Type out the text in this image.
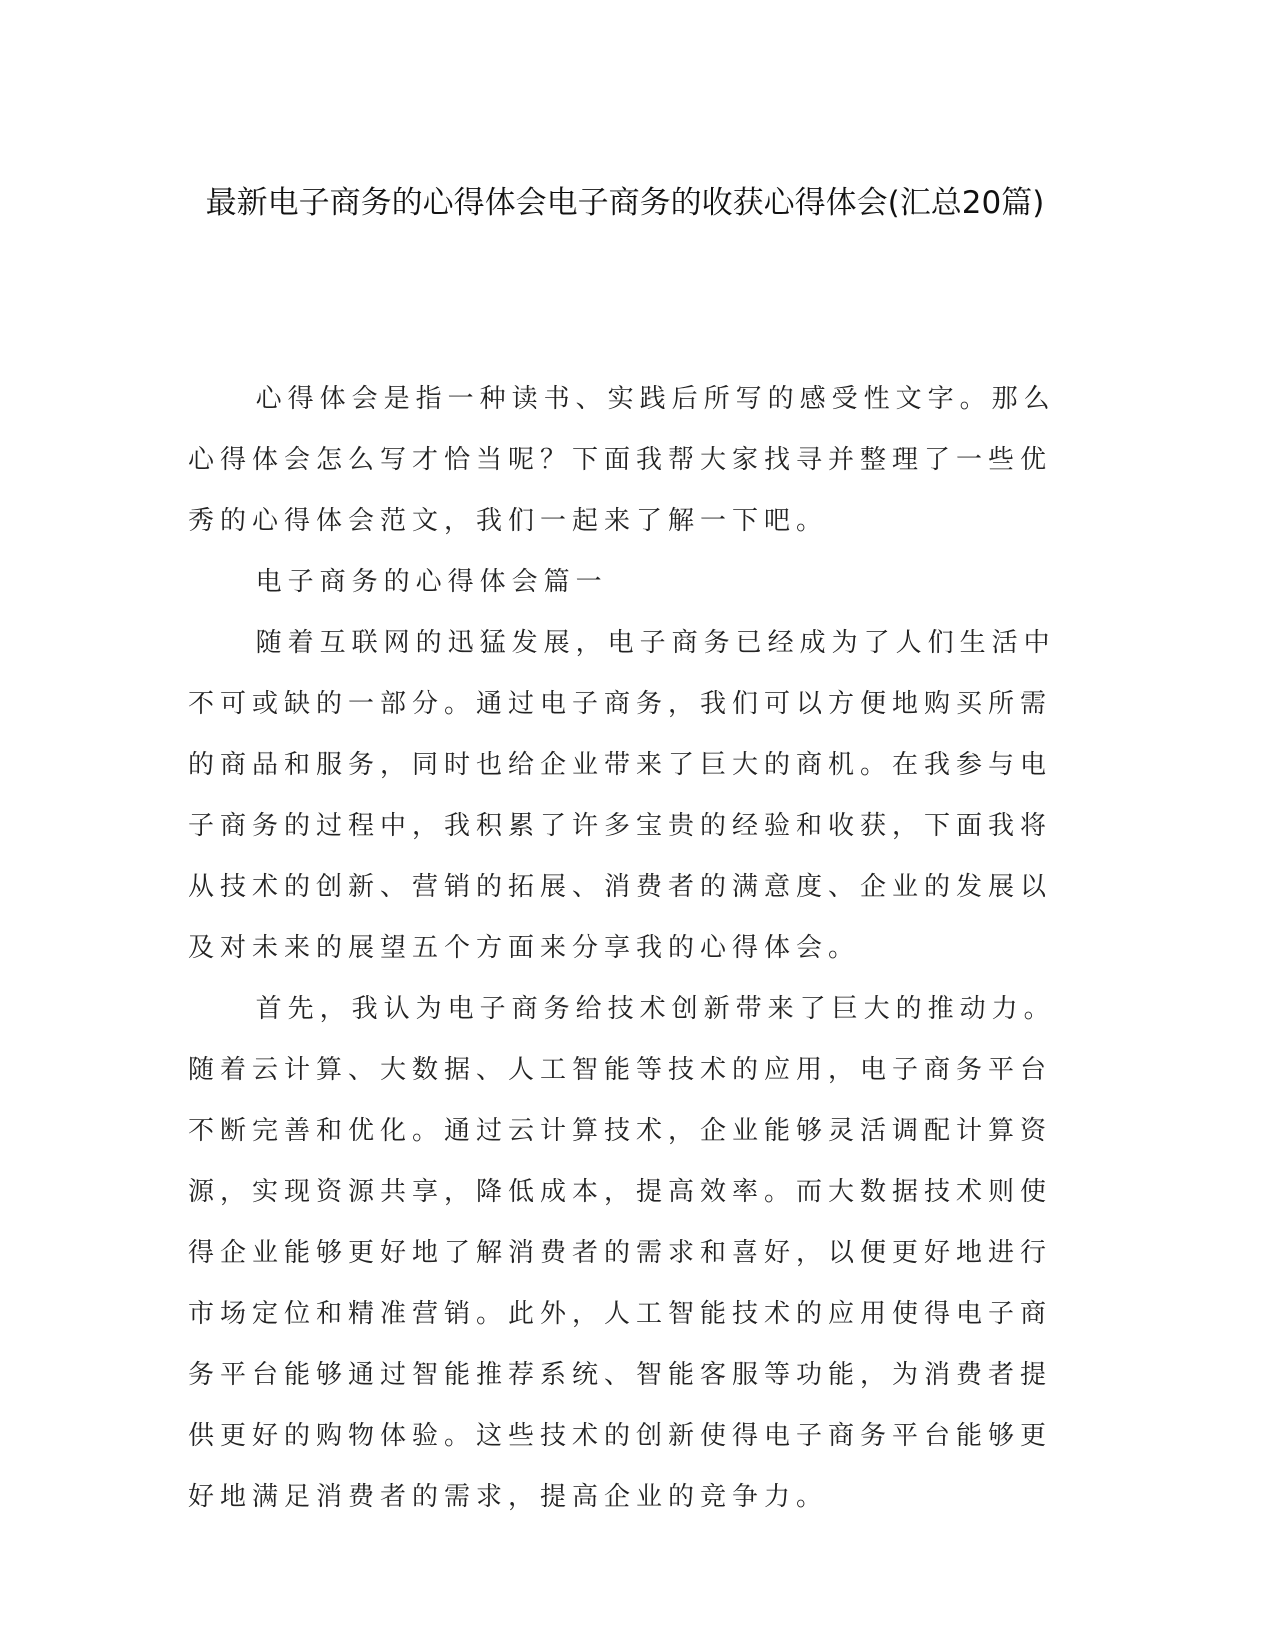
最新电子商务的心得体会电子商务的收获心得体会(汇总20篇)

心得体会是指一种读书、实践后所写的感受性文字。那么心得体会怎么写才恰当呢？下面我帮大家找寻并整理了一些优秀的心得体会范文，我们一起来了解一下吧。

电子商务的心得体会篇一

随着互联网的迅猛发展，电子商务已经成为了人们生活中不可或缺的一部分。通过电子商务，我们可以方便地购买所需的商品和服务，同时也给企业带来了巨大的商机。在我参与电子商务的过程中，我积累了许多宝贵的经验和收获，下面我将从技术的创新、营销的拓展、消费者的满意度、企业的发展以及对未来的展望五个方面来分享我的心得体会。

首先，我认为电子商务给技术创新带来了巨大的推动力。随着云计算、大数据、人工智能等技术的应用，电子商务平台不断完善和优化。通过云计算技术，企业能够灵活调配计算资源，实现资源共享，降低成本，提高效率。而大数据技术则使得企业能够更好地了解消费者的需求和喜好，以便更好地进行市场定位和精准营销。此外，人工智能技术的应用使得电子商务平台能够通过智能推荐系统、智能客服等功能，为消费者提供更好的购物体验。这些技术的创新使得电子商务平台能够更好地满足消费者的需求，提高企业的竞争力。
